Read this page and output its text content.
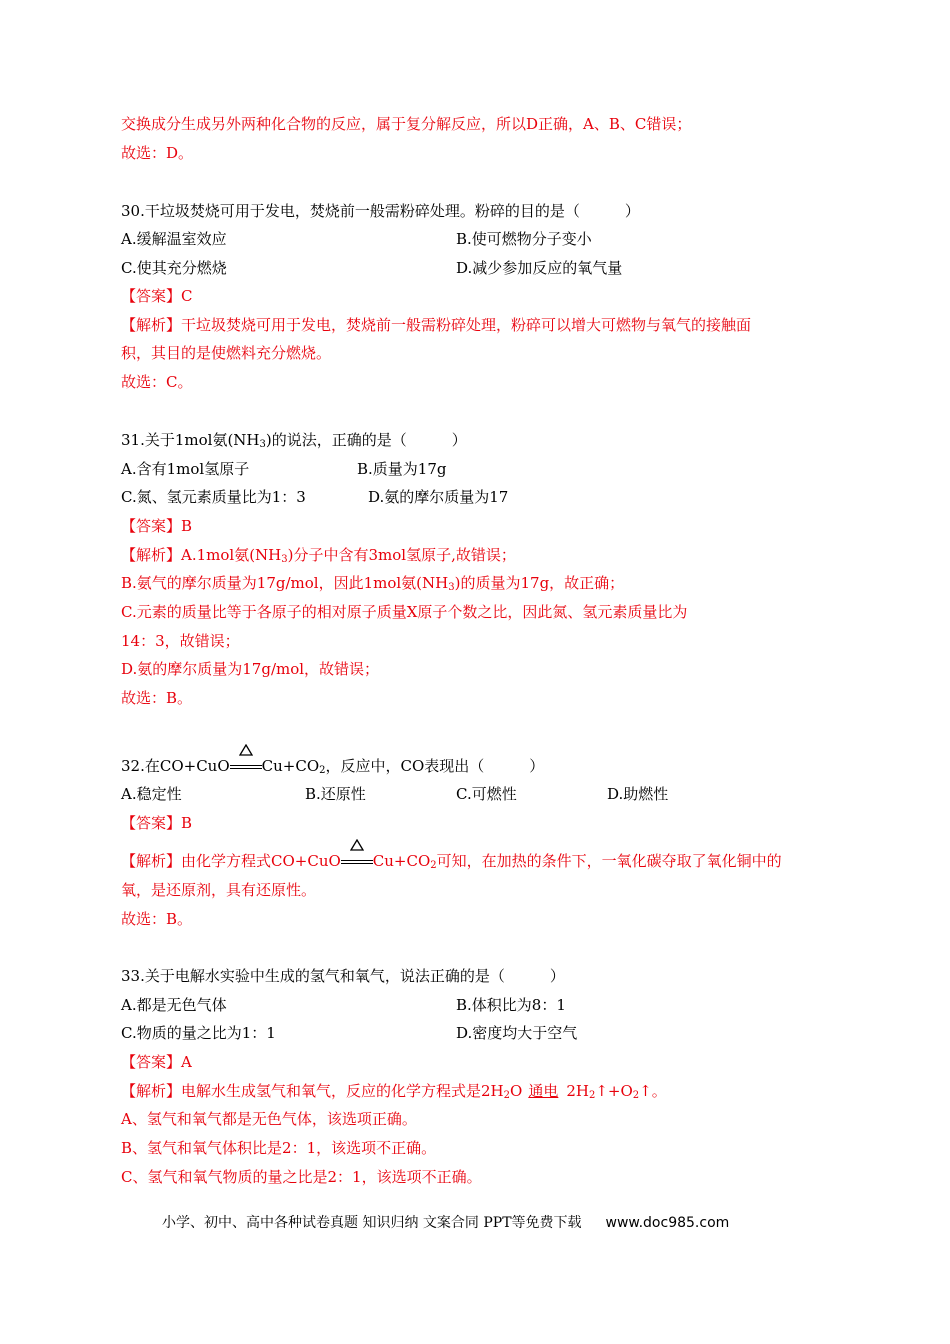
交换成分生成另外两种化合物的反应，属于复分解反应，所以D正确，A、B、C错误；
故选：D。
30.干垃圾焚烧可用于发电，焚烧前一般需粉碎处理。粉碎的目的是（　　　）
A.缓解温室效应	B.使可燃物分子变小
C.使其充分燃烧	D.减少参加反应的氧气量
【答案】C
【解析】干垃圾焚烧可用于发电，焚烧前一般需粉碎处理，粉碎可以增大可燃物与氧气的接触面
积，其目的是使燃料充分燃烧。
故选：C。
31.关于1mol氨$(NH_3)$的说法，正确的是（　　　）
A.含有1mol氢原子	B.质量为17g
C.氮、氢元素质量比为1：3	D.氨的摩尔质量为17
【答案】B
【解析】A.1mol氨$(NH_3)$分子中含有3mol氢原子,故错误；
B.氨气的摩尔质量为17g/mol，因此1mol氨$(NH_3)$的质量为17g，故正确；
C.元素的质量比等于各原子的相对原子质量X原子个数之比，因此氮、氢元素质量比为
14：3，故错误；
D.氨的摩尔质量为17g/mol，故错误；
故选：B。
32.在CO+CuO $Cu+CO_2$，反应中，CO表现出（　　　）
A.稳定性	B.还原性	C.可燃性	D.助燃性
【答案】B
【解析】由化学方程式CO+CuO $Cu+CO_2$可知，在加热的条件下，一氧化碳夺取了氧化铜中的
氧，是还原剂，具有还原性。
故选：B。
33.关于电解水实验中生成的氢气和氧气，说法正确的是（　　　）
A.都是无色气体	B.体积比为8：1
C.物质的量之比为1：1	D.密度均大于空气
【答案】A
【解析】电解水生成氢气和氧气，反应的化学方程式是$2H_2O$ 通电 $2H_2↑+O_2↑$。
A、氢气和氧气都是无色气体，该选项正确。
B、氢气和氧气体积比是2：1，该选项不正确。
C、氢气和氧气物质的量之比是2：1，该选项不正确。
小学、初中、高中各种试卷真题 知识归纳 文案合同 PPT等免费下载 www.doc985.com
